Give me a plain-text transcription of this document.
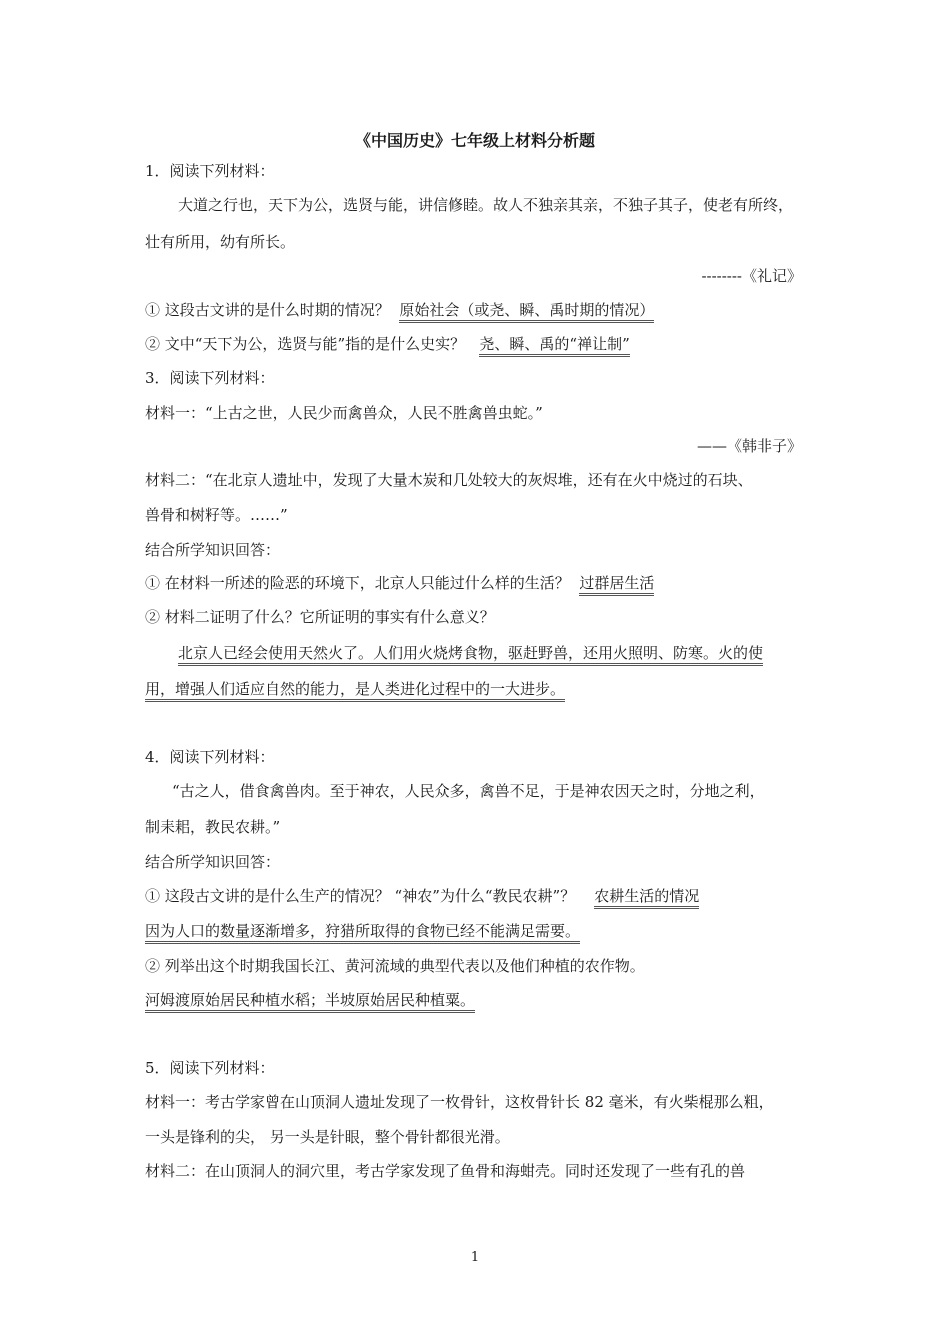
《中国历史》七年级上材料分析题
1．阅读下列材料：
大道之行也，天下为公，选贤与能，讲信修睦。故人不独亲其亲，不独子其子，使老有所终，
壮有所用，幼有所长。
--------《礼记》
① 这段古文讲的是什么时期的情况？ 原始社会（或尧、瞬、禹时期的情况）
② 文中“天下为公，选贤与能”指的是什么史实？ 尧、瞬、禹的“禅让制”
3．阅读下列材料：
材料一：“上古之世，人民少而禽兽众，人民不胜禽兽虫蛇。”
——《韩非子》
材料二：“在北京人遗址中，发现了大量木炭和几处较大的灰烬堆，还有在火中烧过的石块、
兽骨和树籽等。……”
结合所学知识回答：
① 在材料一所述的险恶的环境下，北京人只能过什么样的生活？ 过群居生活
② 材料二证明了什么？它所证明的事实有什么意义？
北京人已经会使用天然火了。人们用火烧烤食物，驱赶野兽，还用火照明、防寒。火的使
用，增强人们适应自然的能力，是人类进化过程中的一大进步。
4．阅读下列材料：
“古之人，借食禽兽肉。至于神农，人民众多，禽兽不足，于是神农因天之时，分地之利，
制耒耜，教民农耕。”
结合所学知识回答：
① 这段古文讲的是什么生产的情况？ “神农”为什么“教民农耕”？ 农耕生活的情况
因为人口的数量逐渐增多，狩猎所取得的食物已经不能满足需要。
② 列举出这个时期我国长江、黄河流域的典型代表以及他们种植的农作物。
河姆渡原始居民种植水稻；半坡原始居民种植粟。
5．阅读下列材料：
材料一：考古学家曾在山顶洞人遗址发现了一枚骨针，这枚骨针长 82 毫米，有火柴棍那么粗，
一头是锋利的尖， 另一头是针眼，整个骨针都很光滑。
材料二：在山顶洞人的洞穴里，考古学家发现了鱼骨和海蚶壳。同时还发现了一些有孔的兽
1
